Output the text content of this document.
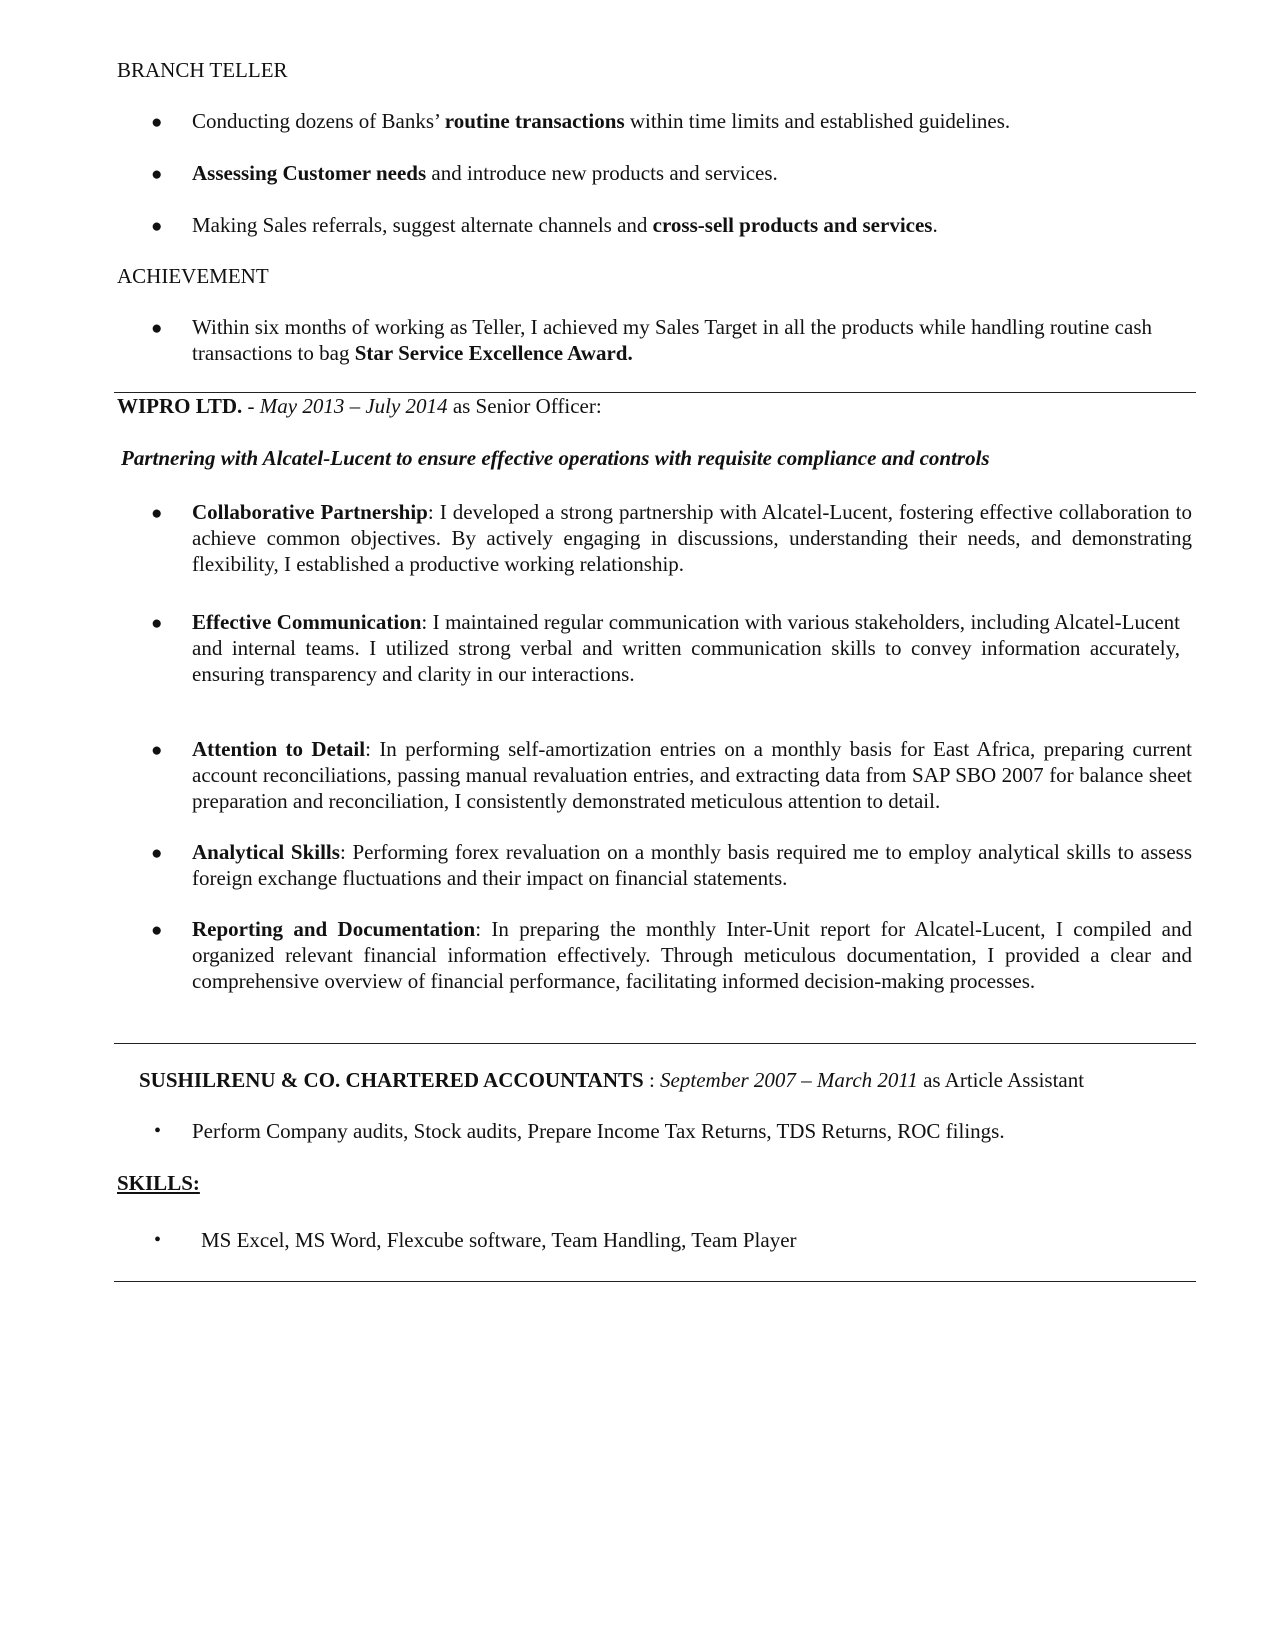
BRANCH TELLER
● Conducting dozens of Banks’ routine transactions within time limits and established guidelines.
● Assessing Customer needs and introduce new products and services.
● Making Sales referrals, suggest alternate channels and cross-sell products and services.
ACHIEVEMENT
● Within six months of working as Teller, I achieved my Sales Target in all the products while handling routine cash transactions to bag Star Service Excellence Award.
WIPRO LTD. - May 2013 – July 2014 as Senior Officer:
Partnering with Alcatel-Lucent to ensure effective operations with requisite compliance and controls
● Collaborative Partnership: I developed a strong partnership with Alcatel-Lucent, fostering effective collaboration to achieve common objectives. By actively engaging in discussions, understanding their needs, and demonstrating flexibility, I established a productive working relationship.
● Effective Communication: I maintained regular communication with various stakeholders, including Alcatel-Lucent and internal teams. I utilized strong verbal and written communication skills to convey information accurately, ensuring transparency and clarity in our interactions.
● Attention to Detail: In performing self-amortization entries on a monthly basis for East Africa, preparing current account reconciliations, passing manual revaluation entries, and extracting data from SAP SBO 2007 for balance sheet preparation and reconciliation, I consistently demonstrated meticulous attention to detail.
● Analytical Skills: Performing forex revaluation on a monthly basis required me to employ analytical skills to assess foreign exchange fluctuations and their impact on financial statements.
● Reporting and Documentation: In preparing the monthly Inter-Unit report for Alcatel-Lucent, I compiled and organized relevant financial information effectively. Through meticulous documentation, I provided a clear and comprehensive overview of financial performance, facilitating informed decision-making processes.
SUSHILRENU & CO. CHARTERED ACCOUNTANTS : September 2007 – March 2011 as Article Assistant
• Perform Company audits, Stock audits, Prepare Income Tax Returns, TDS Returns, ROC filings.
SKILLS:
• MS Excel, MS Word, Flexcube software, Team Handling, Team Player
